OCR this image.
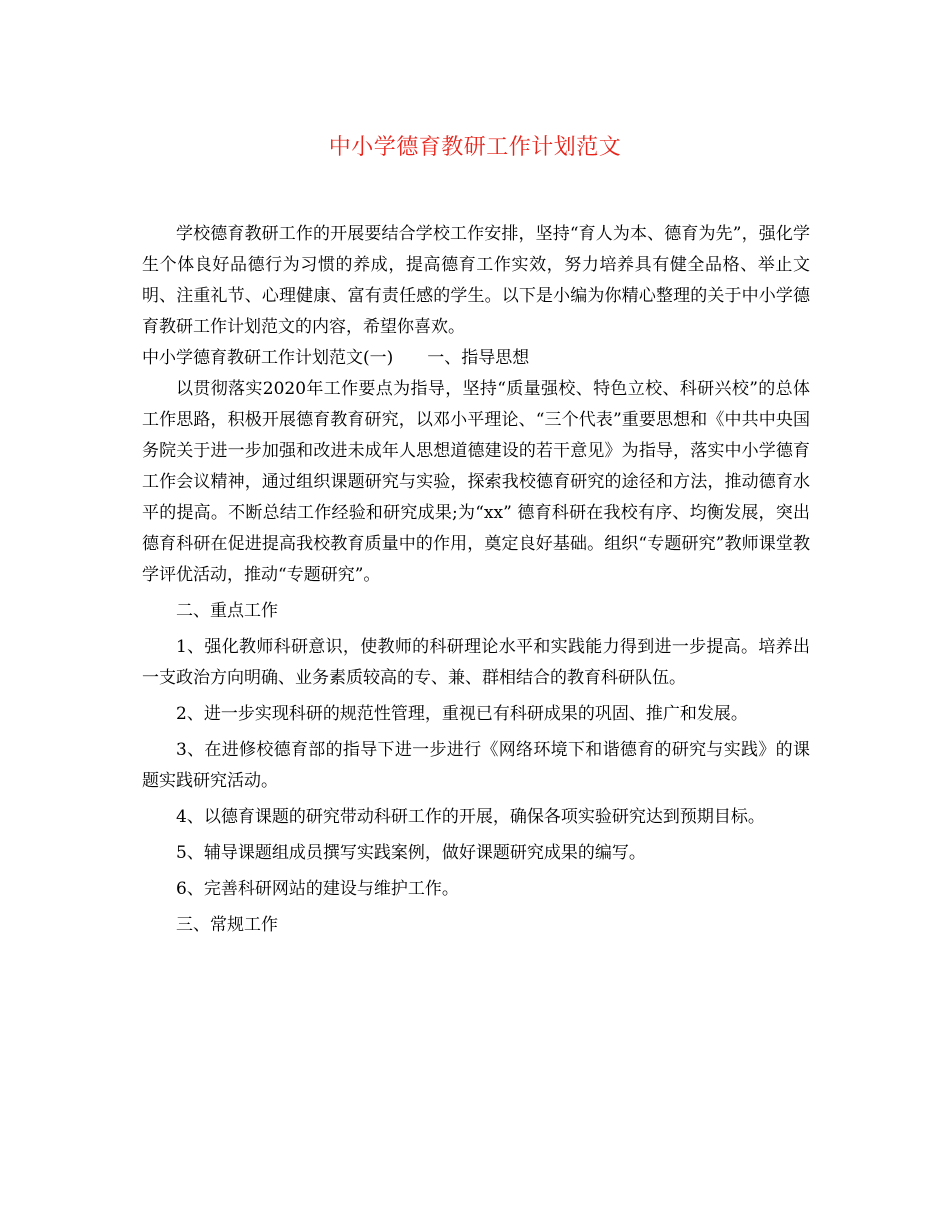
中小学德育教研工作计划范文

学校德育教研工作的开展要结合学校工作安排，坚持“育人为本、德育为先”，强化学生个体良好品德行为习惯的养成，提高德育工作实效，努力培养具有健全品格、举止文明、注重礼节、心理健康、富有责任感的学生。以下是小编为你精心整理的关于中小学德育教研工作计划范文的内容，希望你喜欢。

中小学德育教研工作计划范文(一) 一、指导思想

以贯彻落实2020年工作要点为指导，坚持“质量强校、特色立校、科研兴校”的总体工作思路，积极开展德育教育研究，以邓小平理论、“三个代表”重要思想和《中共中央国务院关于进一步加强和改进未成年人思想道德建设的若干意见》为指导，落实中小学德育工作会议精神，通过组织课题研究与实验，探索我校德育研究的途径和方法，推动德育水平的提高。不断总结工作经验和研究成果;为“xx” 德育科研在我校有序、均衡发展，突出德育科研在促进提高我校教育质量中的作用，奠定良好基础。组织“专题研究”教师课堂教学评优活动，推动“专题研究”。

二、重点工作

1、强化教师科研意识，使教师的科研理论水平和实践能力得到进一步提高。培养出一支政治方向明确、业务素质较高的专、兼、群相结合的教育科研队伍。

2、进一步实现科研的规范性管理，重视已有科研成果的巩固、推广和发展。

3、在进修校德育部的指导下进一步进行《网络环境下和谐德育的研究与实践》的课题实践研究活动。

4、以德育课题的研究带动科研工作的开展，确保各项实验研究达到预期目标。

5、辅导课题组成员撰写实践案例，做好课题研究成果的编写。

6、完善科研网站的建设与维护工作。

三、常规工作
